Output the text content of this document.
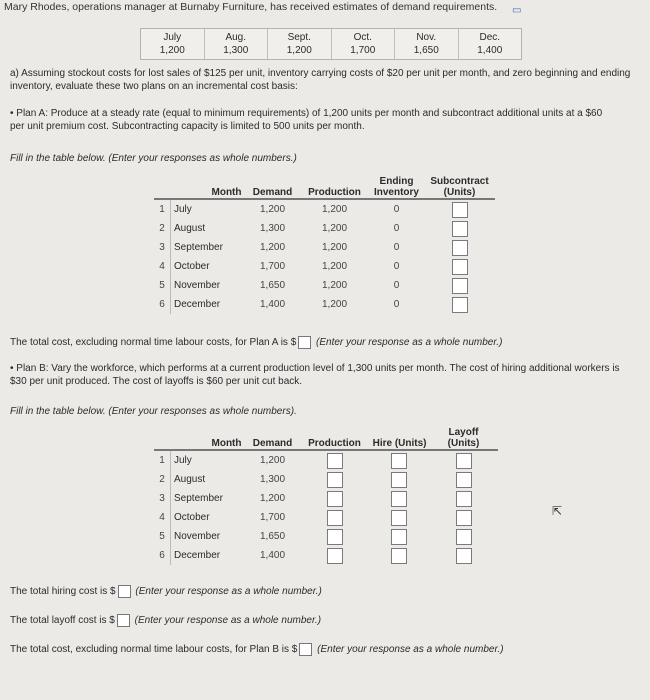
Mary Rhodes, operations manager at Burnaby Furniture, has received estimates of demand requirements. ▭
July
1,200
Aug.
1,300
Sept.
1,200
Oct.
1,700
Nov.
1,650
Dec.
1,400
a) Assuming stockout costs for lost sales of $125 per unit, inventory carrying costs of $20 per unit per month, and zero beginning and ending inventory, evaluate these two plans on an incremental cost basis:
• Plan A: Produce at a steady rate (equal to minimum requirements) of 1,200 units per month and subcontract additional units at a $60 per unit premium cost. Subcontracting capacity is limited to 500 units per month.
Fill in the table below. (Enter your responses as whole numbers.)
	Month	Demand	Production	Ending Inventory	Subcontract (Units)
1	July	1,200	1,200	0	
2	August	1,300	1,200	0	
3	September	1,200	1,200	0	
4	October	1,700	1,200	0	
5	November	1,650	1,200	0	
6	December	1,400	1,200	0	
The total cost, excluding normal time labour costs, for Plan A is $ (Enter your response as a whole number.)
• Plan B: Vary the workforce, which performs at a current production level of 1,300 units per month. The cost of hiring additional workers is $30 per unit produced. The cost of layoffs is $60 per unit cut back.
Fill in the table below. (Enter your responses as whole numbers).
	Month	Demand	Production	Hire (Units)	Layoff (Units)
1	July	1,200			
2	August	1,300			
3	September	1,200			
4	October	1,700			
5	November	1,650			
6	December	1,400			
⇱
The total hiring cost is $ (Enter your response as a whole number.)
The total layoff cost is $ (Enter your response as a whole number.)
The total cost, excluding normal time labour costs, for Plan B is $ (Enter your response as a whole number.)
